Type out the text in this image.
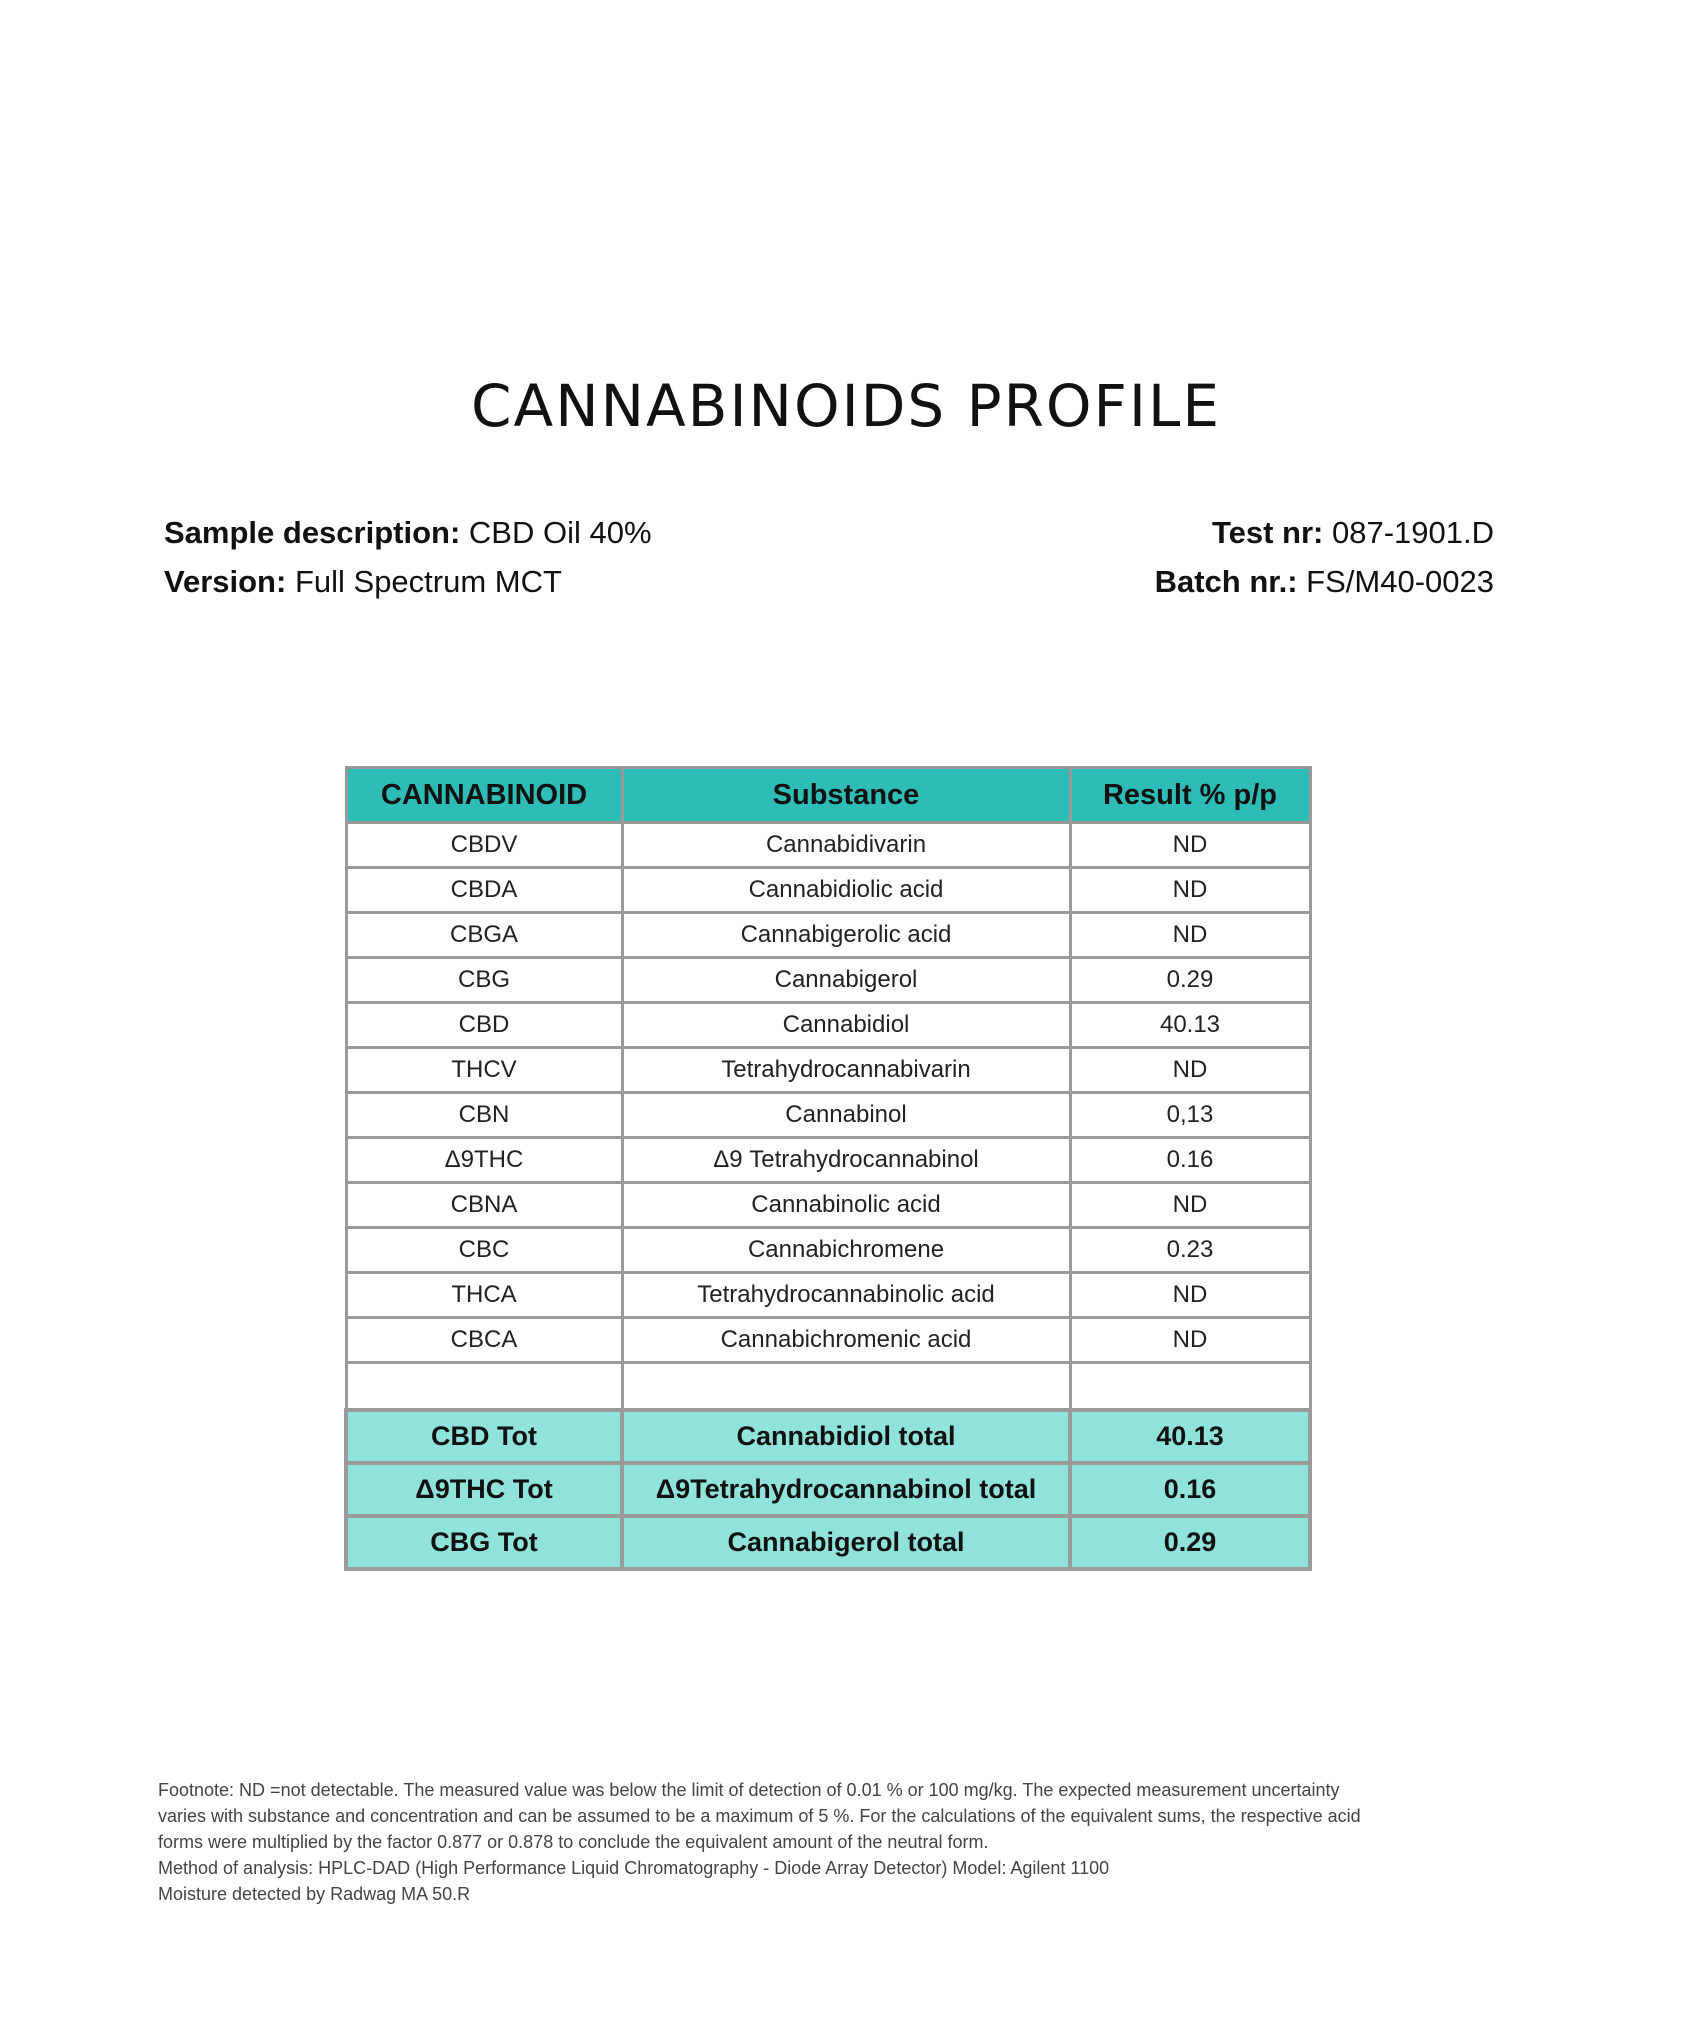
CANNABINOIDS PROFILE
Sample description: CBD Oil 40%
Version: Full Spectrum MCT
Test nr: 087-1901.D
Batch nr.: FS/M40-0023
CANNABINOID	Substance	Result % p/p
CBDV	Cannabidivarin	ND
CBDA	Cannabidiolic acid	ND
CBGA	Cannabigerolic acid	ND
CBG	Cannabigerol	0.29
CBD	Cannabidiol	40.13
THCV	Tetrahydrocannabivarin	ND
CBN	Cannabinol	0,13
Δ9THC	Δ9 Tetrahydrocannabinol	0.16
CBNA	Cannabinolic acid	ND
CBC	Cannabichromene	0.23
THCA	Tetrahydrocannabinolic acid	ND
CBCA	Cannabichromenic acid	ND

CBD Tot	Cannabidiol total	40.13
Δ9THC Tot	Δ9Tetrahydrocannabinol total	0.16
CBG Tot	Cannabigerol total	0.29
Footnote: ND =not detectable. The measured value was below the limit of detection of 0.01 % or 100 mg/kg. The expected measurement uncertainty
varies with substance and concentration and can be assumed to be a maximum of 5 %. For the calculations of the equivalent sums, the respective acid
forms were multiplied by the factor 0.877 or 0.878 to conclude the equivalent amount of the neutral form.
Method of analysis: HPLC-DAD (High Performance Liquid Chromatography - Diode Array Detector) Model: Agilent 1100
Moisture detected by Radwag MA 50.R
